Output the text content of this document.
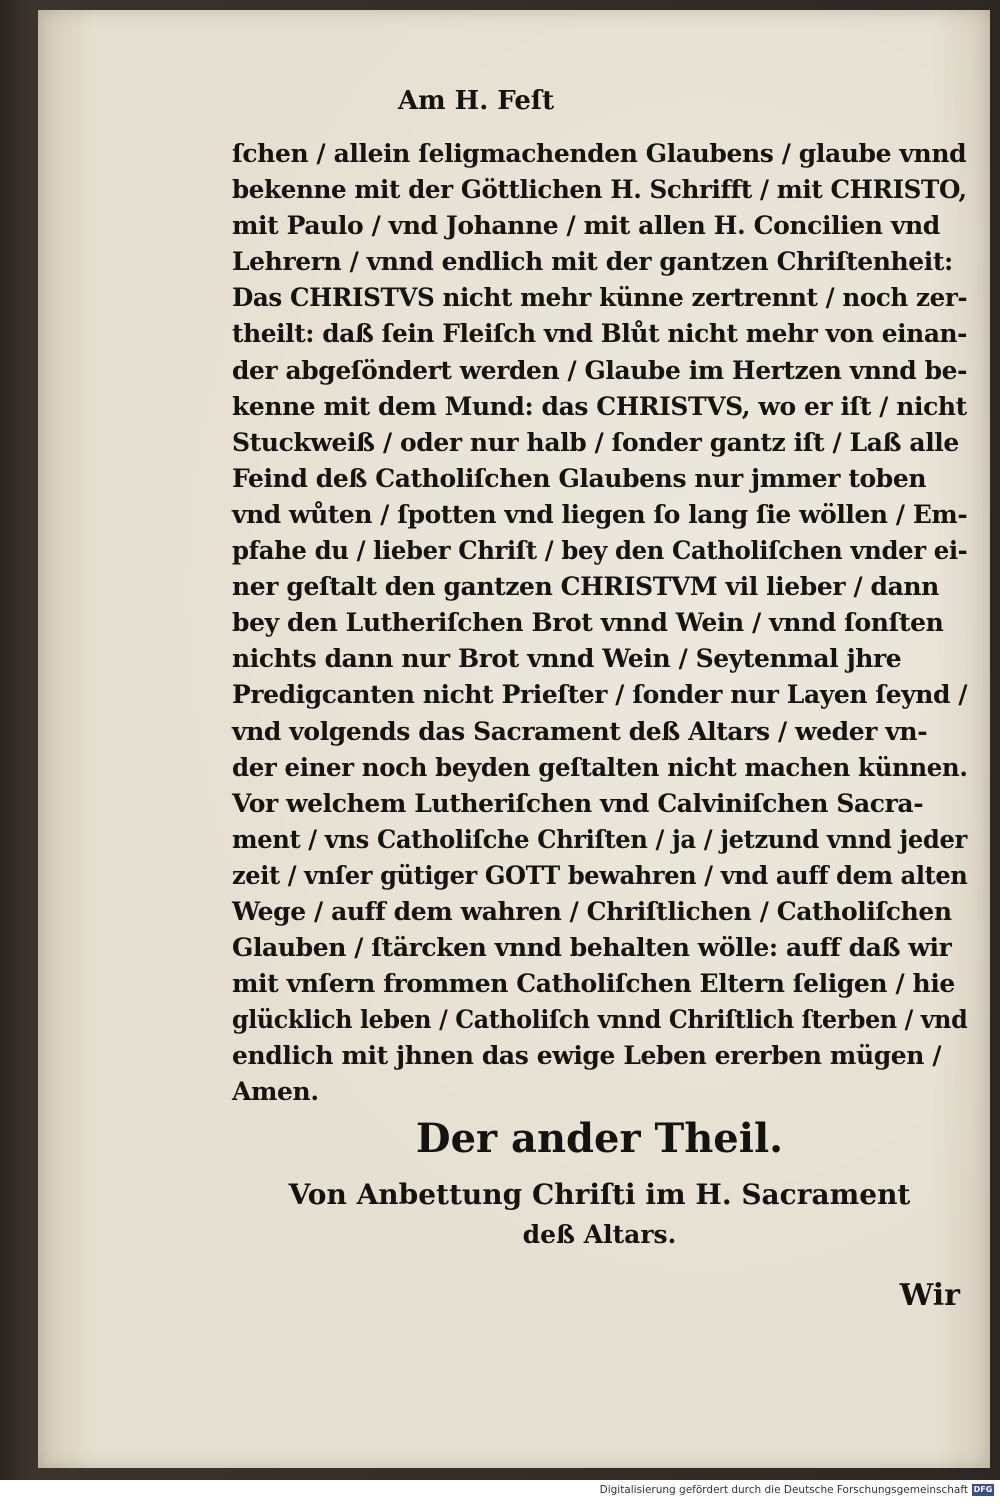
Am H. Feſt
ſchen / allein ſeligmachenden Glaubens / glaube vnnd
bekenne mit der Göttlichen H. Schrifft / mit CHRISTO,
mit Paulo / vnd Johanne / mit allen H. Concilien vnd
Lehrern / vnnd endlich mit der gantzen Chriſtenheit:
Das CHRISTVS nicht mehr künne zertrennt / noch zer-
theilt: daß ſein Fleiſch vnd Blůt nicht mehr von einan-
der abgeſöndert werden / Glaube im Hertzen vnnd be-
kenne mit dem Mund: das CHRISTVS, wo er iſt / nicht
Stuckweiß / oder nur halb / ſonder gantz iſt / Laß alle
Feind deß Catholiſchen Glaubens nur jmmer toben
vnd wůten / ſpotten vnd liegen ſo lang ſie wöllen / Em-
pfahe du / lieber Chriſt / bey den Catholiſchen vnder ei-
ner geſtalt den gantzen CHRISTVM vil lieber / dann
bey den Lutheriſchen Brot vnnd Wein / vnnd ſonſten
nichts dann nur Brot vnnd Wein / Seytenmal jhre
Predigcanten nicht Prieſter / ſonder nur Layen ſeynd /
vnd volgends das Sacrament deß Altars / weder vn-
der einer noch beyden geſtalten nicht machen künnen.
Vor welchem Lutheriſchen vnd Calviniſchen Sacra-
ment / vns Catholiſche Chriſten / ja / jetzund vnnd jeder
zeit / vnſer gütiger GOTT bewahren / vnd auff dem alten
Wege / auff dem wahren / Chriſtlichen / Catholiſchen
Glauben / ſtärcken vnnd behalten wölle: auff daß wir
mit vnſern frommen Catholiſchen Eltern ſeligen / hie
glücklich leben / Catholiſch vnnd Chriſtlich ſterben / vnd
endlich mit jhnen das ewige Leben ererben mügen /
Amen.
Der ander Theil.
Von Anbettung Chriſti im H. Sacrament
deß Altars.
Wir
Digitalisierung gefördert durch die Deutsche Forschungsgemeinschaft DFG
